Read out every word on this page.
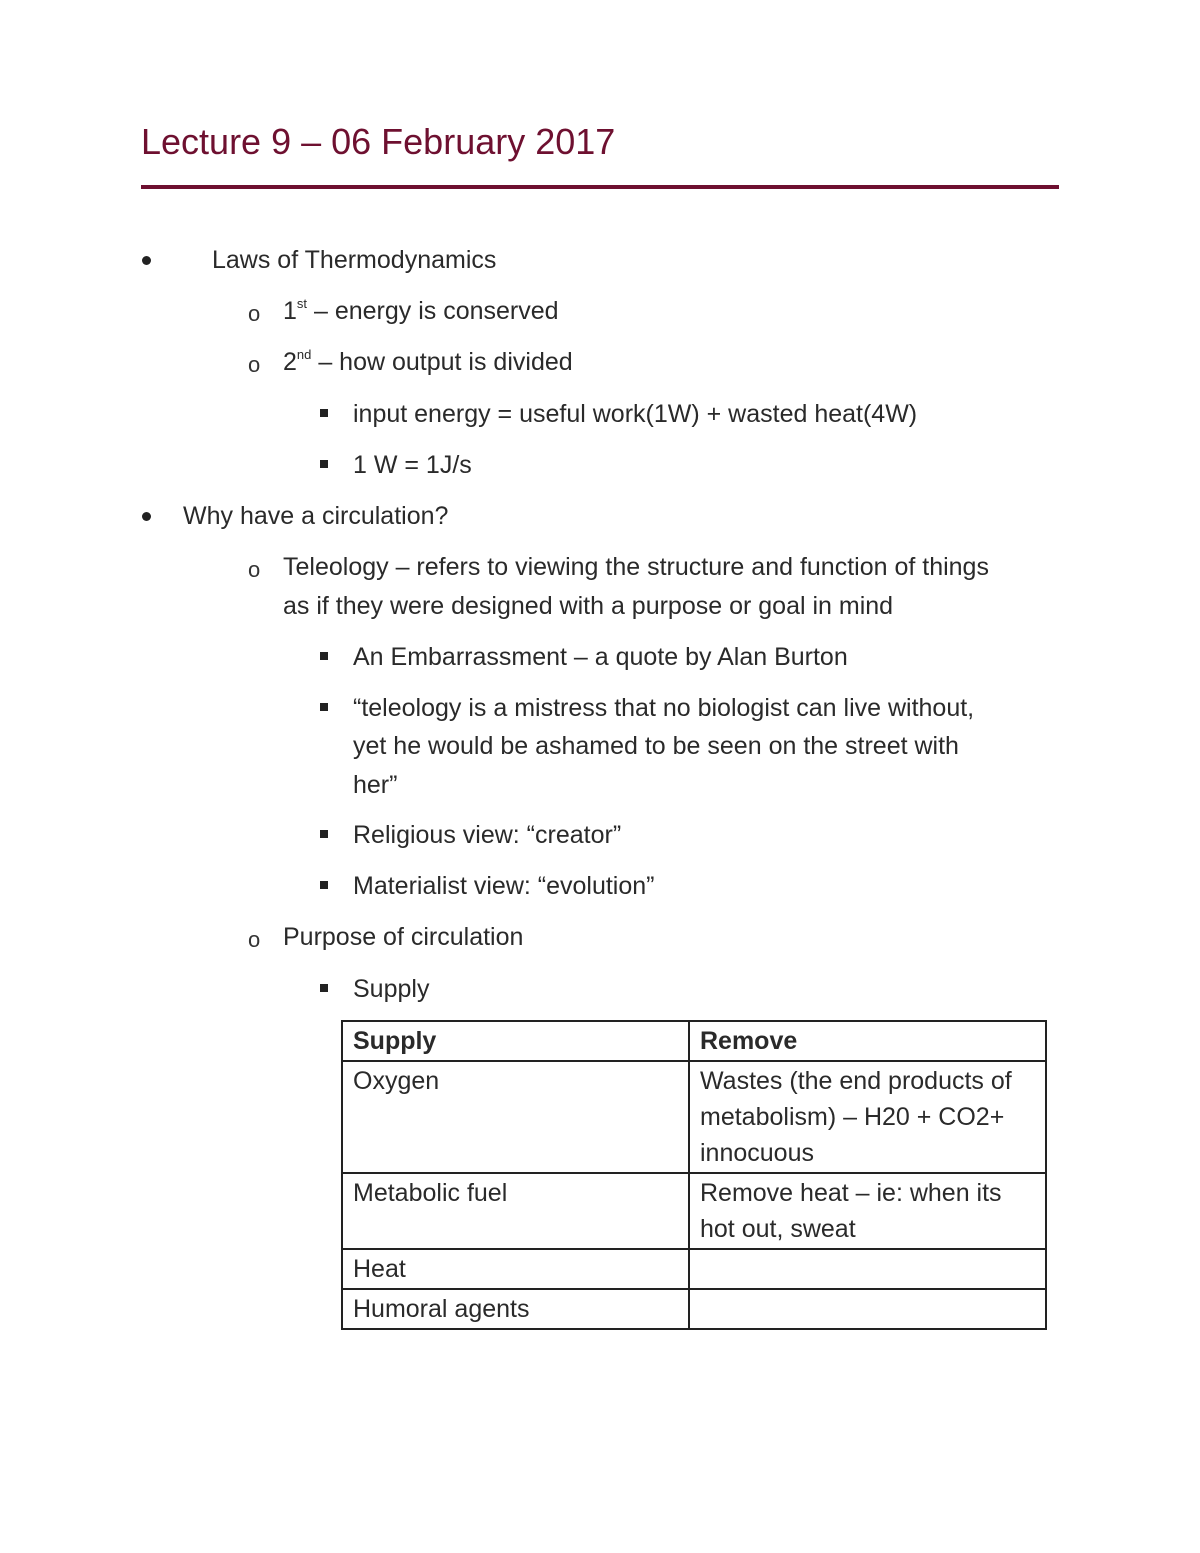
Lecture 9 – 06 February 2017
Laws of Thermodynamics
o 1st – energy is conserved
o 2nd – how output is divided
input energy = useful work(1W) + wasted heat(4W)
1 W = 1J/s
Why have a circulation?
o Teleology – refers to viewing the structure and function of things
as if they were designed with a purpose or goal in mind
An Embarrassment – a quote by Alan Burton
“teleology is a mistress that no biologist can live without,
yet he would be ashamed to be seen on the street with
her”
Religious view: “creator”
Materialist view: “evolution”
o Purpose of circulation
Supply
Supply	Remove
Oxygen	Wastes (the end products of metabolism) – H20 + CO2+ innocuous
Metabolic fuel	Remove heat – ie: when its hot out, sweat
Heat	
Humoral agents	
